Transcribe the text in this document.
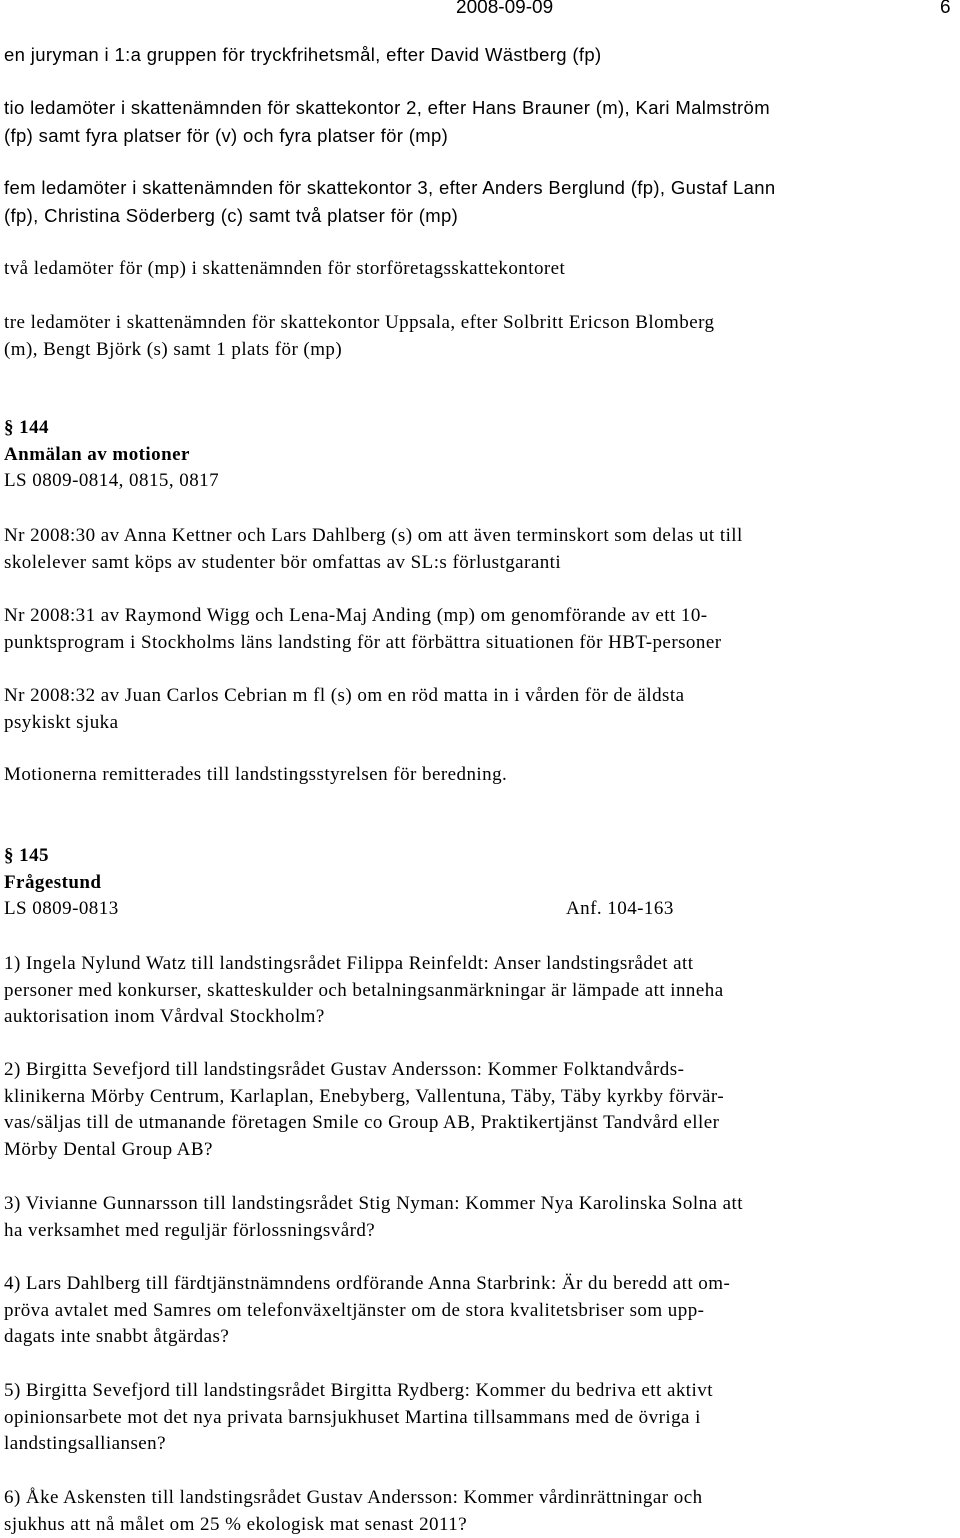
2008-09-09	6
en juryman i 1:a gruppen för tryckfrihetsmål, efter David Wästberg (fp)
tio ledamöter i skattenämnden för skattekontor 2, efter Hans Brauner (m), Kari Malmström
(fp) samt fyra platser för (v) och fyra platser för (mp)
fem ledamöter i skattenämnden för skattekontor 3, efter Anders Berglund (fp), Gustaf Lann
(fp), Christina Söderberg (c) samt två platser för (mp)
två ledamöter för (mp) i skattenämnden för storföretagsskattekontoret
tre ledamöter i skattenämnden för skattekontor Uppsala, efter Solbritt Ericson Blomberg
(m), Bengt Björk (s) samt 1 plats för (mp)
§ 144
Anmälan av motioner
LS 0809-0814, 0815, 0817
Nr 2008:30 av Anna Kettner och Lars Dahlberg (s) om att även terminskort som delas ut till
skolelever samt köps av studenter bör omfattas av SL:s förlustgaranti
Nr 2008:31 av Raymond Wigg och Lena-Maj Anding (mp) om genomförande av ett 10-
punktsprogram i Stockholms läns landsting för att förbättra situationen för HBT-personer
Nr 2008:32 av Juan Carlos Cebrian m fl (s) om en röd matta in i vården för de äldsta
psykiskt sjuka
Motionerna remitterades till landstingsstyrelsen för beredning.
§ 145
Frågestund
LS 0809-0813	Anf. 104-163
1) Ingela Nylund Watz till landstingsrådet Filippa Reinfeldt: Anser landstingsrådet att
personer med konkurser, skatteskulder och betalningsanmärkningar är lämpade att inneha
auktorisation inom Vårdval Stockholm?
2) Birgitta Sevefjord till landstingsrådet Gustav Andersson: Kommer Folktandvårds-
klinikerna Mörby Centrum, Karlaplan, Enebyberg, Vallentuna, Täby, Täby kyrkby förvär-
vas/säljas till de utmanande företagen Smile co Group AB, Praktikertjänst Tandvård eller
Mörby Dental Group AB?
3) Vivianne Gunnarsson till landstingsrådet Stig Nyman: Kommer Nya Karolinska Solna att
ha verksamhet med reguljär förlossningsvård?
4) Lars Dahlberg till färdtjänstnämndens ordförande Anna Starbrink: Är du beredd att om-
pröva avtalet med Samres om telefonväxeltjänster om de stora kvalitetsbriser som upp-
dagats inte snabbt åtgärdas?
5) Birgitta Sevefjord till landstingsrådet Birgitta Rydberg: Kommer du bedriva ett aktivt
opinionsarbete mot det nya privata barnsjukhuset Martina tillsammans med de övriga i
landstingsalliansen?
6) Åke Askensten till landstingsrådet Gustav Andersson: Kommer vårdinrättningar och
sjukhus att nå målet om 25 % ekologisk mat senast 2011?
